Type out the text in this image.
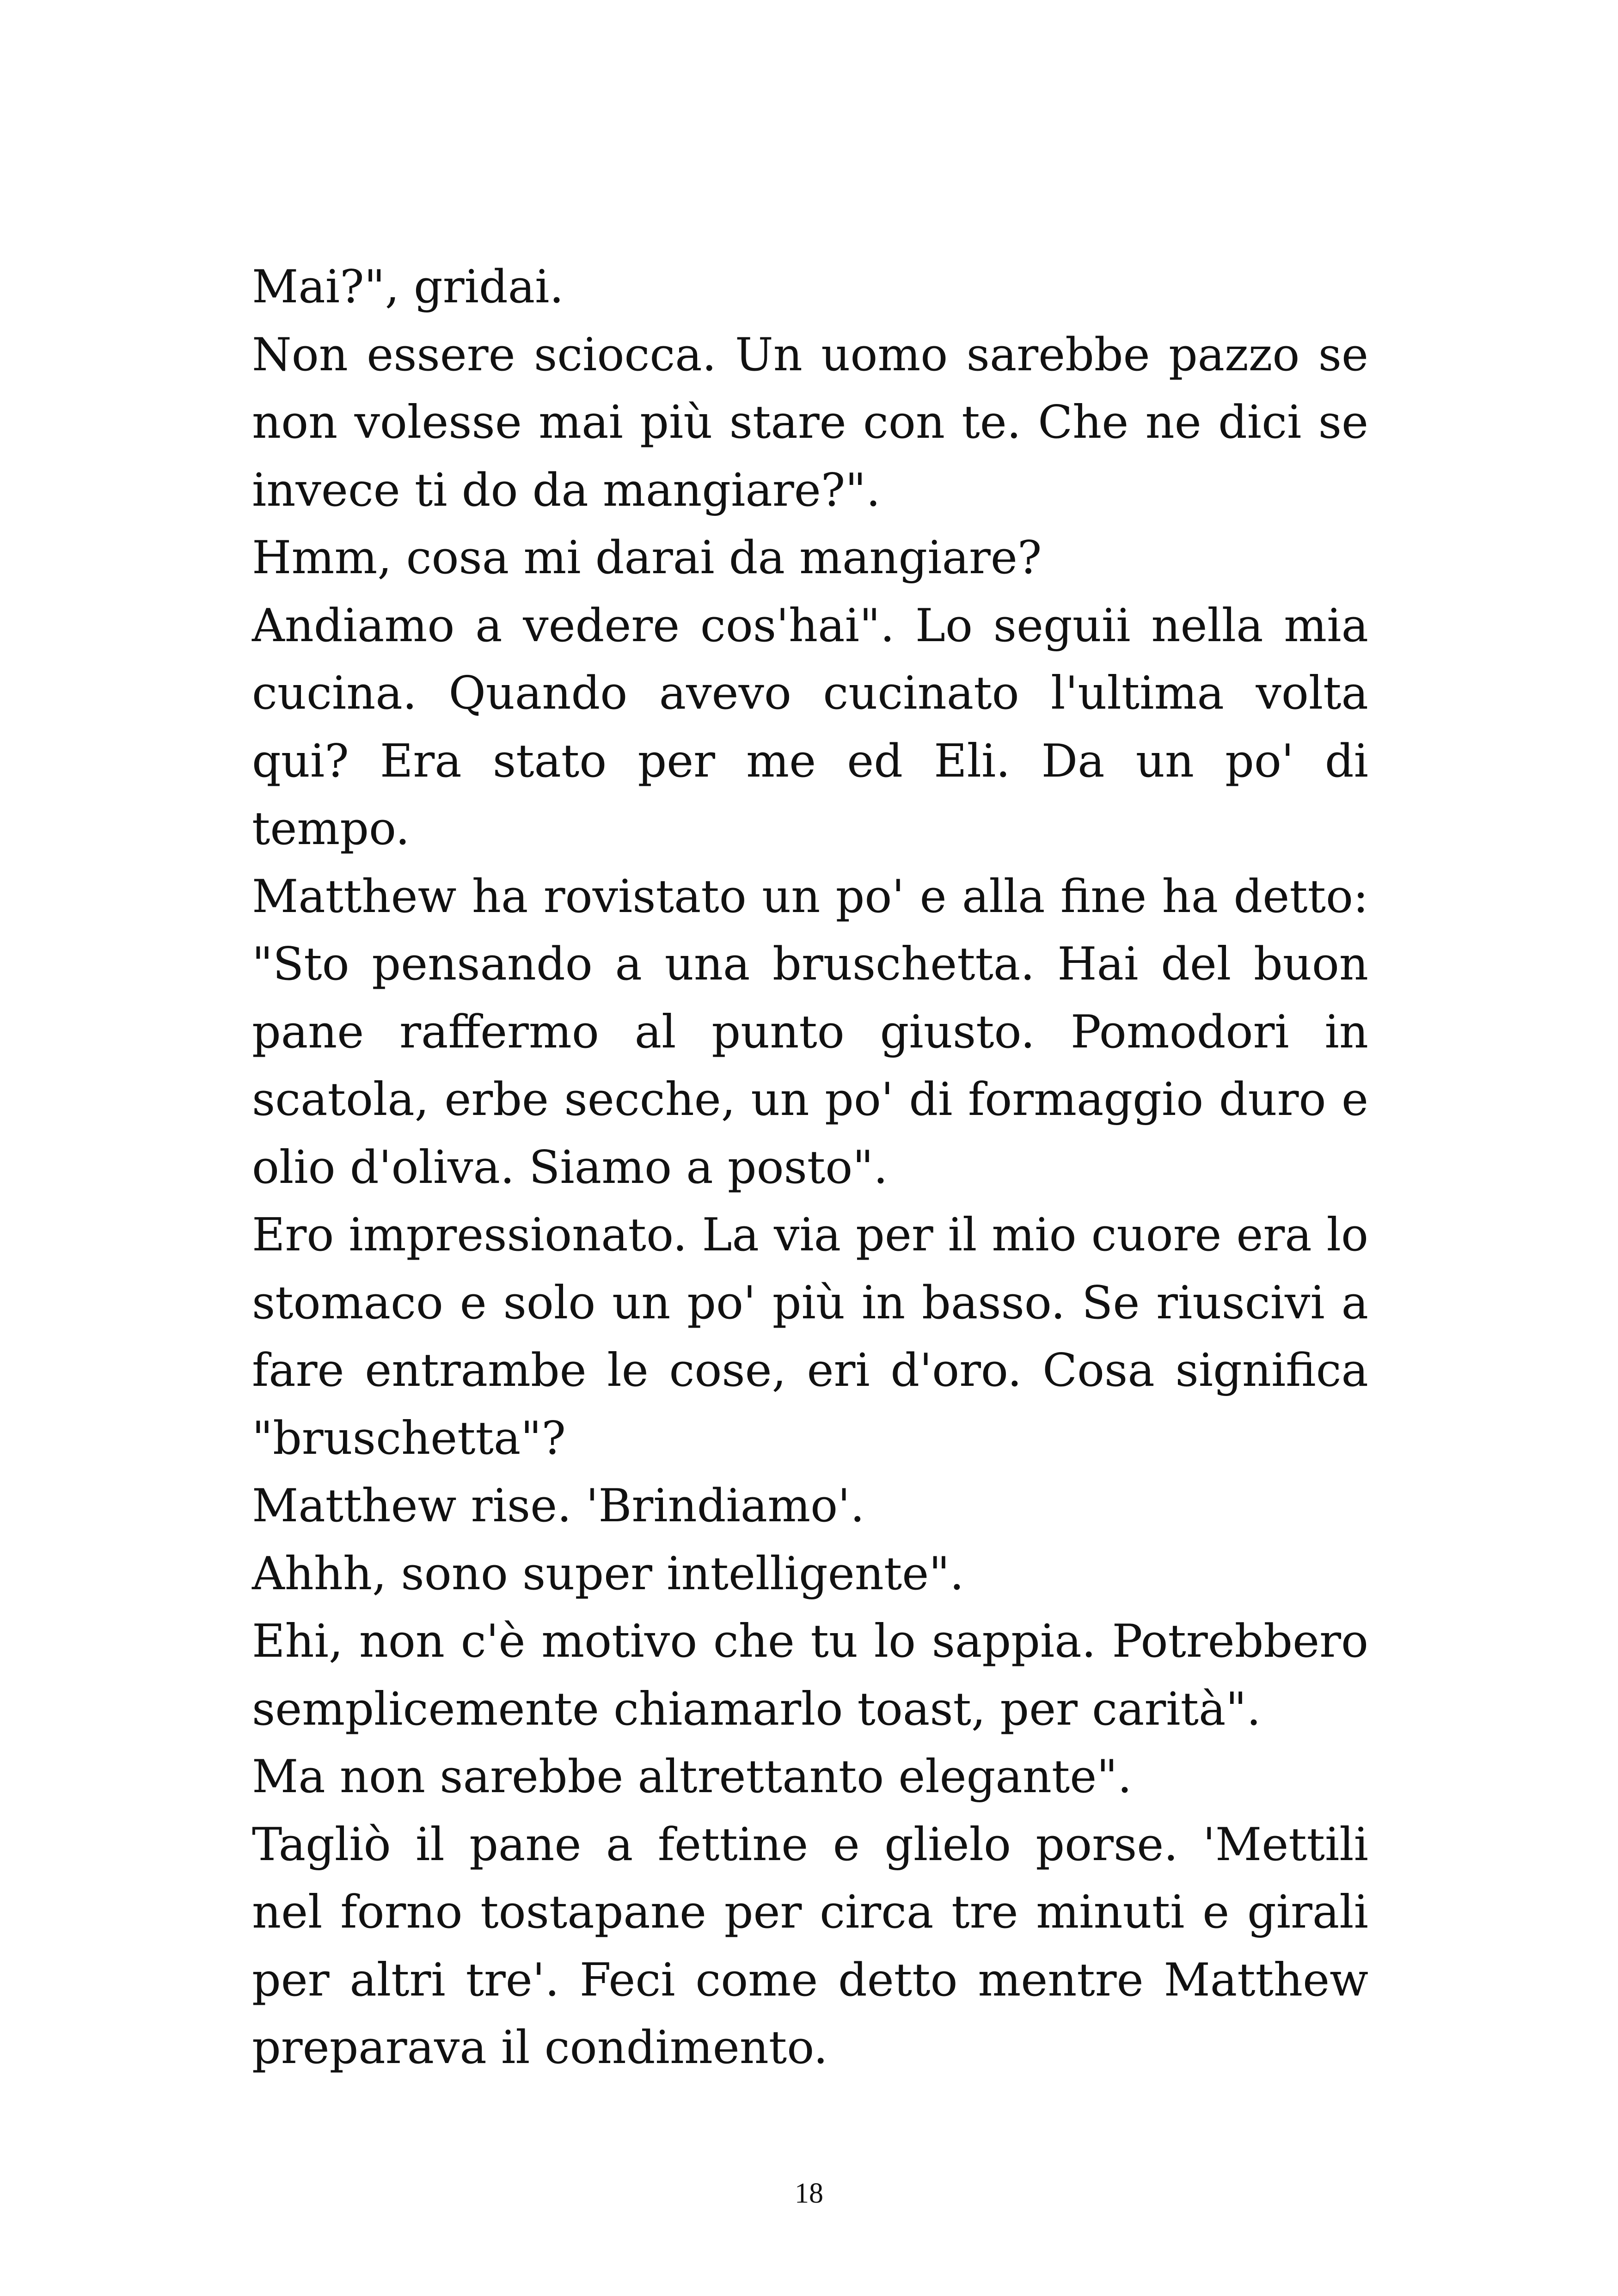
Mai?", gridai.

Non essere sciocca. Un uomo sarebbe pazzo se non volesse mai più stare con te. Che ne dici se invece ti do da mangiare?".

Hmm, cosa mi darai da mangiare?

Andiamo a vedere cos'hai". Lo seguii nella mia cucina. Quando avevo cucinato l'ultima volta qui? Era stato per me ed Eli. Da un po' di tempo.

Matthew ha rovistato un po' e alla fine ha detto: "Sto pensando a una bruschetta. Hai del buon pane raffermo al punto giusto. Pomodori in scatola, erbe secche, un po' di formaggio duro e olio d'oliva. Siamo a posto".

Ero impressionato. La via per il mio cuore era lo stomaco e solo un po' più in basso. Se riuscivi a fare entrambe le cose, eri d'oro. Cosa significa "bruschetta"?

Matthew rise. 'Brindiamo'.

Ahhh, sono super intelligente".

Ehi, non c'è motivo che tu lo sappia. Potrebbero semplicemente chiamarlo toast, per carità".

Ma non sarebbe altrettanto elegante".

Tagliò il pane a fettine e glielo porse. 'Mettili nel forno tostapane per circa tre minuti e girali per altri tre'. Feci come detto mentre Matthew preparava il condimento.

18
